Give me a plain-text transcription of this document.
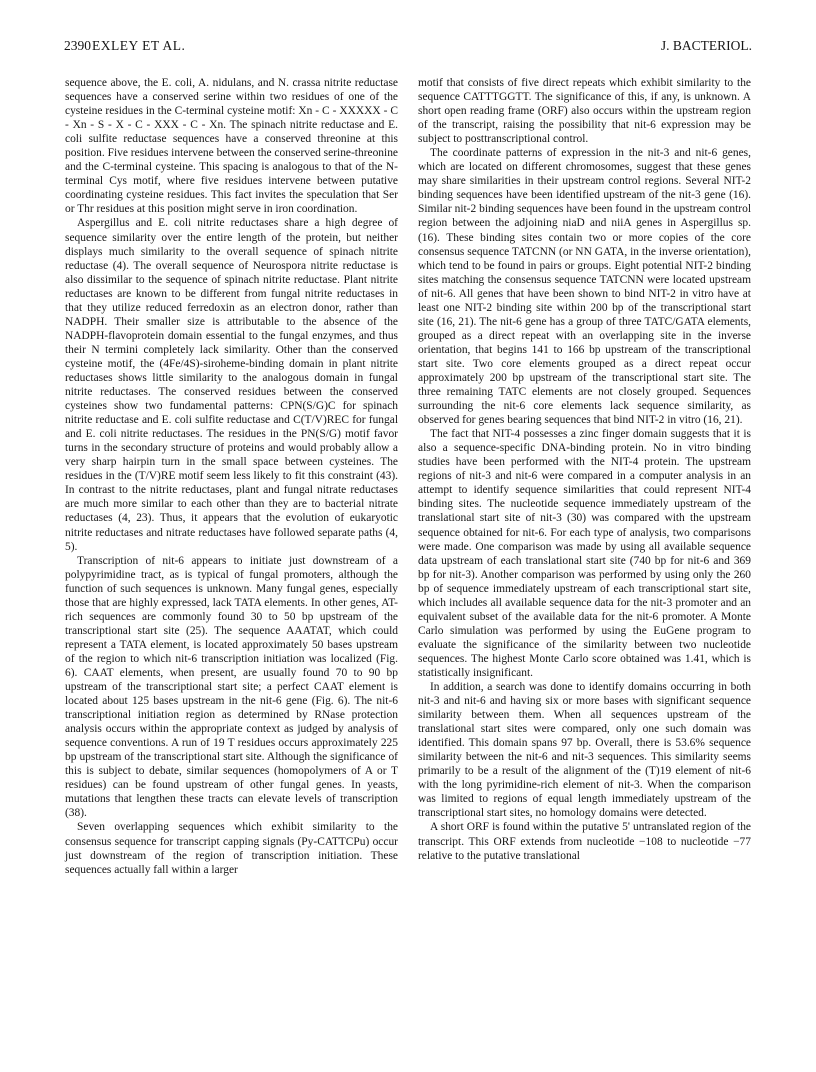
2390 EXLEY ET AL.	J. BACTERIOL.

sequence above, the E. coli, A. nidulans, and N. crassa nitrite reductase sequences have a conserved serine within two residues of one of the cysteine residues in the C-terminal cysteine motif: Xn - C - XXXXX - C - Xn - S - X - C - XXX - C - Xn. The spinach nitrite reductase and E. coli sulfite reductase sequences have a conserved threonine at this position. Five residues intervene between the conserved serine-threonine and the C-terminal cysteine. This spacing is analogous to that of the N-terminal Cys motif, where five residues intervene between putative coordinating cysteine residues. This fact invites the speculation that Ser or Thr residues at this position might serve in iron coordination.

Aspergillus and E. coli nitrite reductases share a high degree of sequence similarity over the entire length of the protein, but neither displays much similarity to the overall sequence of spinach nitrite reductase (4). The overall sequence of Neurospora nitrite reductase is also dissimilar to the sequence of spinach nitrite reductase. Plant nitrite reductases are known to be different from fungal nitrite reductases in that they utilize reduced ferredoxin as an electron donor, rather than NADPH. Their smaller size is attributable to the absence of the NADPH-flavoprotein domain essential to the fungal enzymes, and thus their N termini completely lack similarity. Other than the conserved cysteine motif, the (4Fe/4S)-siroheme-binding domain in plant nitrite reductases shows little similarity to the analogous domain in fungal nitrite reductases. The conserved residues between the conserved cysteines show two fundamental patterns: CPN(S/G)C for spinach nitrite reductase and E. coli sulfite reductase and C(T/V)REC for fungal and E. coli nitrite reductases. The residues in the PN(S/G) motif favor turns in the secondary structure of proteins and would probably allow a very sharp hairpin turn in the small space between cysteines. The residues in the (T/V)RE motif seem less likely to fit this constraint (43). In contrast to the nitrite reductases, plant and fungal nitrate reductases are much more similar to each other than they are to bacterial nitrate reductases (4, 23). Thus, it appears that the evolution of eukaryotic nitrite reductases and nitrate reductases have followed separate paths (4, 5).

Transcription of nit-6 appears to initiate just downstream of a polypyrimidine tract, as is typical of fungal promoters, although the function of such sequences is unknown. Many fungal genes, especially those that are highly expressed, lack TATA elements. In other genes, AT-rich sequences are commonly found 30 to 50 bp upstream of the transcriptional start site (25). The sequence AAATAT, which could represent a TATA element, is located approximately 50 bases upstream of the region to which nit-6 transcription initiation was localized (Fig. 6). CAAT elements, when present, are usually found 70 to 90 bp upstream of the transcriptional start site; a perfect CAAT element is located about 125 bases upstream in the nit-6 gene (Fig. 6). The nit-6 transcriptional initiation region as determined by RNase protection analysis occurs within the appropriate context as judged by analysis of sequence conventions. A run of 19 T residues occurs approximately 225 bp upstream of the transcriptional start site. Although the significance of this is subject to debate, similar sequences (homopolymers of A or T residues) can be found upstream of other fungal genes. In yeasts, mutations that lengthen these tracts can elevate levels of transcription (38).

Seven overlapping sequences which exhibit similarity to the consensus sequence for transcript capping signals (Py-CATTCPu) occur just downstream of the region of transcription initiation. These sequences actually fall within a larger

motif that consists of five direct repeats which exhibit similarity to the sequence CATTTGGTT. The significance of this, if any, is unknown. A short open reading frame (ORF) also occurs within the upstream region of the transcript, raising the possibility that nit-6 expression may be subject to posttranscriptional control.

The coordinate patterns of expression in the nit-3 and nit-6 genes, which are located on different chromosomes, suggest that these genes may share similarities in their upstream control regions. Several NIT-2 binding sequences have been identified upstream of the nit-3 gene (16). Similar nit-2 binding sequences have been found in the upstream control region between the adjoining niaD and niiA genes in Aspergillus sp. (16). These binding sites contain two or more copies of the core consensus sequence TATCNN (or NN GATA, in the inverse orientation), which tend to be found in pairs or groups. Eight potential NIT-2 binding sites matching the consensus sequence TATCNN were located upstream of nit-6. All genes that have been shown to bind NIT-2 in vitro have at least one NIT-2 binding site within 200 bp of the transcriptional start site (16, 21). The nit-6 gene has a group of three TATC/GATA elements, grouped as a direct repeat with an overlapping site in the inverse orientation, that begins 141 to 166 bp upstream of the transcriptional start site. Two core elements grouped as a direct repeat occur approximately 200 bp upstream of the transcriptional start site. The three remaining TATC elements are not closely grouped. Sequences surrounding the nit-6 core elements lack sequence similarity, as observed for genes bearing sequences that bind NIT-2 in vitro (16, 21).

The fact that NIT-4 possesses a zinc finger domain suggests that it is also a sequence-specific DNA-binding protein. No in vitro binding studies have been performed with the NIT-4 protein. The upstream regions of nit-3 and nit-6 were compared in a computer analysis in an attempt to identify sequence similarities that could represent NIT-4 binding sites. The nucleotide sequence immediately upstream of the translational start site of nit-3 (30) was compared with the upstream sequence obtained for nit-6. For each type of analysis, two comparisons were made. One comparison was made by using all available sequence data upstream of each translational start site (740 bp for nit-6 and 369 bp for nit-3). Another comparison was performed by using only the 260 bp of sequence immediately upstream of each transcriptional start site, which includes all available sequence data for the nit-3 promoter and an equivalent subset of the available data for the nit-6 promoter. A Monte Carlo simulation was performed by using the EuGene program to evaluate the significance of the similarity between two nucleotide sequences. The highest Monte Carlo score obtained was 1.41, which is statistically insignificant.

In addition, a search was done to identify domains occurring in both nit-3 and nit-6 and having six or more bases with significant sequence similarity between them. When all sequences upstream of the translational start sites were compared, only one such domain was identified. This domain spans 97 bp. Overall, there is 53.6% sequence similarity between the nit-6 and nit-3 sequences. This similarity seems primarily to be a result of the alignment of the (T)19 element of nit-6 with the long pyrimidine-rich element of nit-3. When the comparison was limited to regions of equal length immediately upstream of the transcriptional start sites, no homology domains were detected.

A short ORF is found within the putative 5' untranslated region of the transcript. This ORF extends from nucleotide −108 to nucleotide −77 relative to the putative translational
